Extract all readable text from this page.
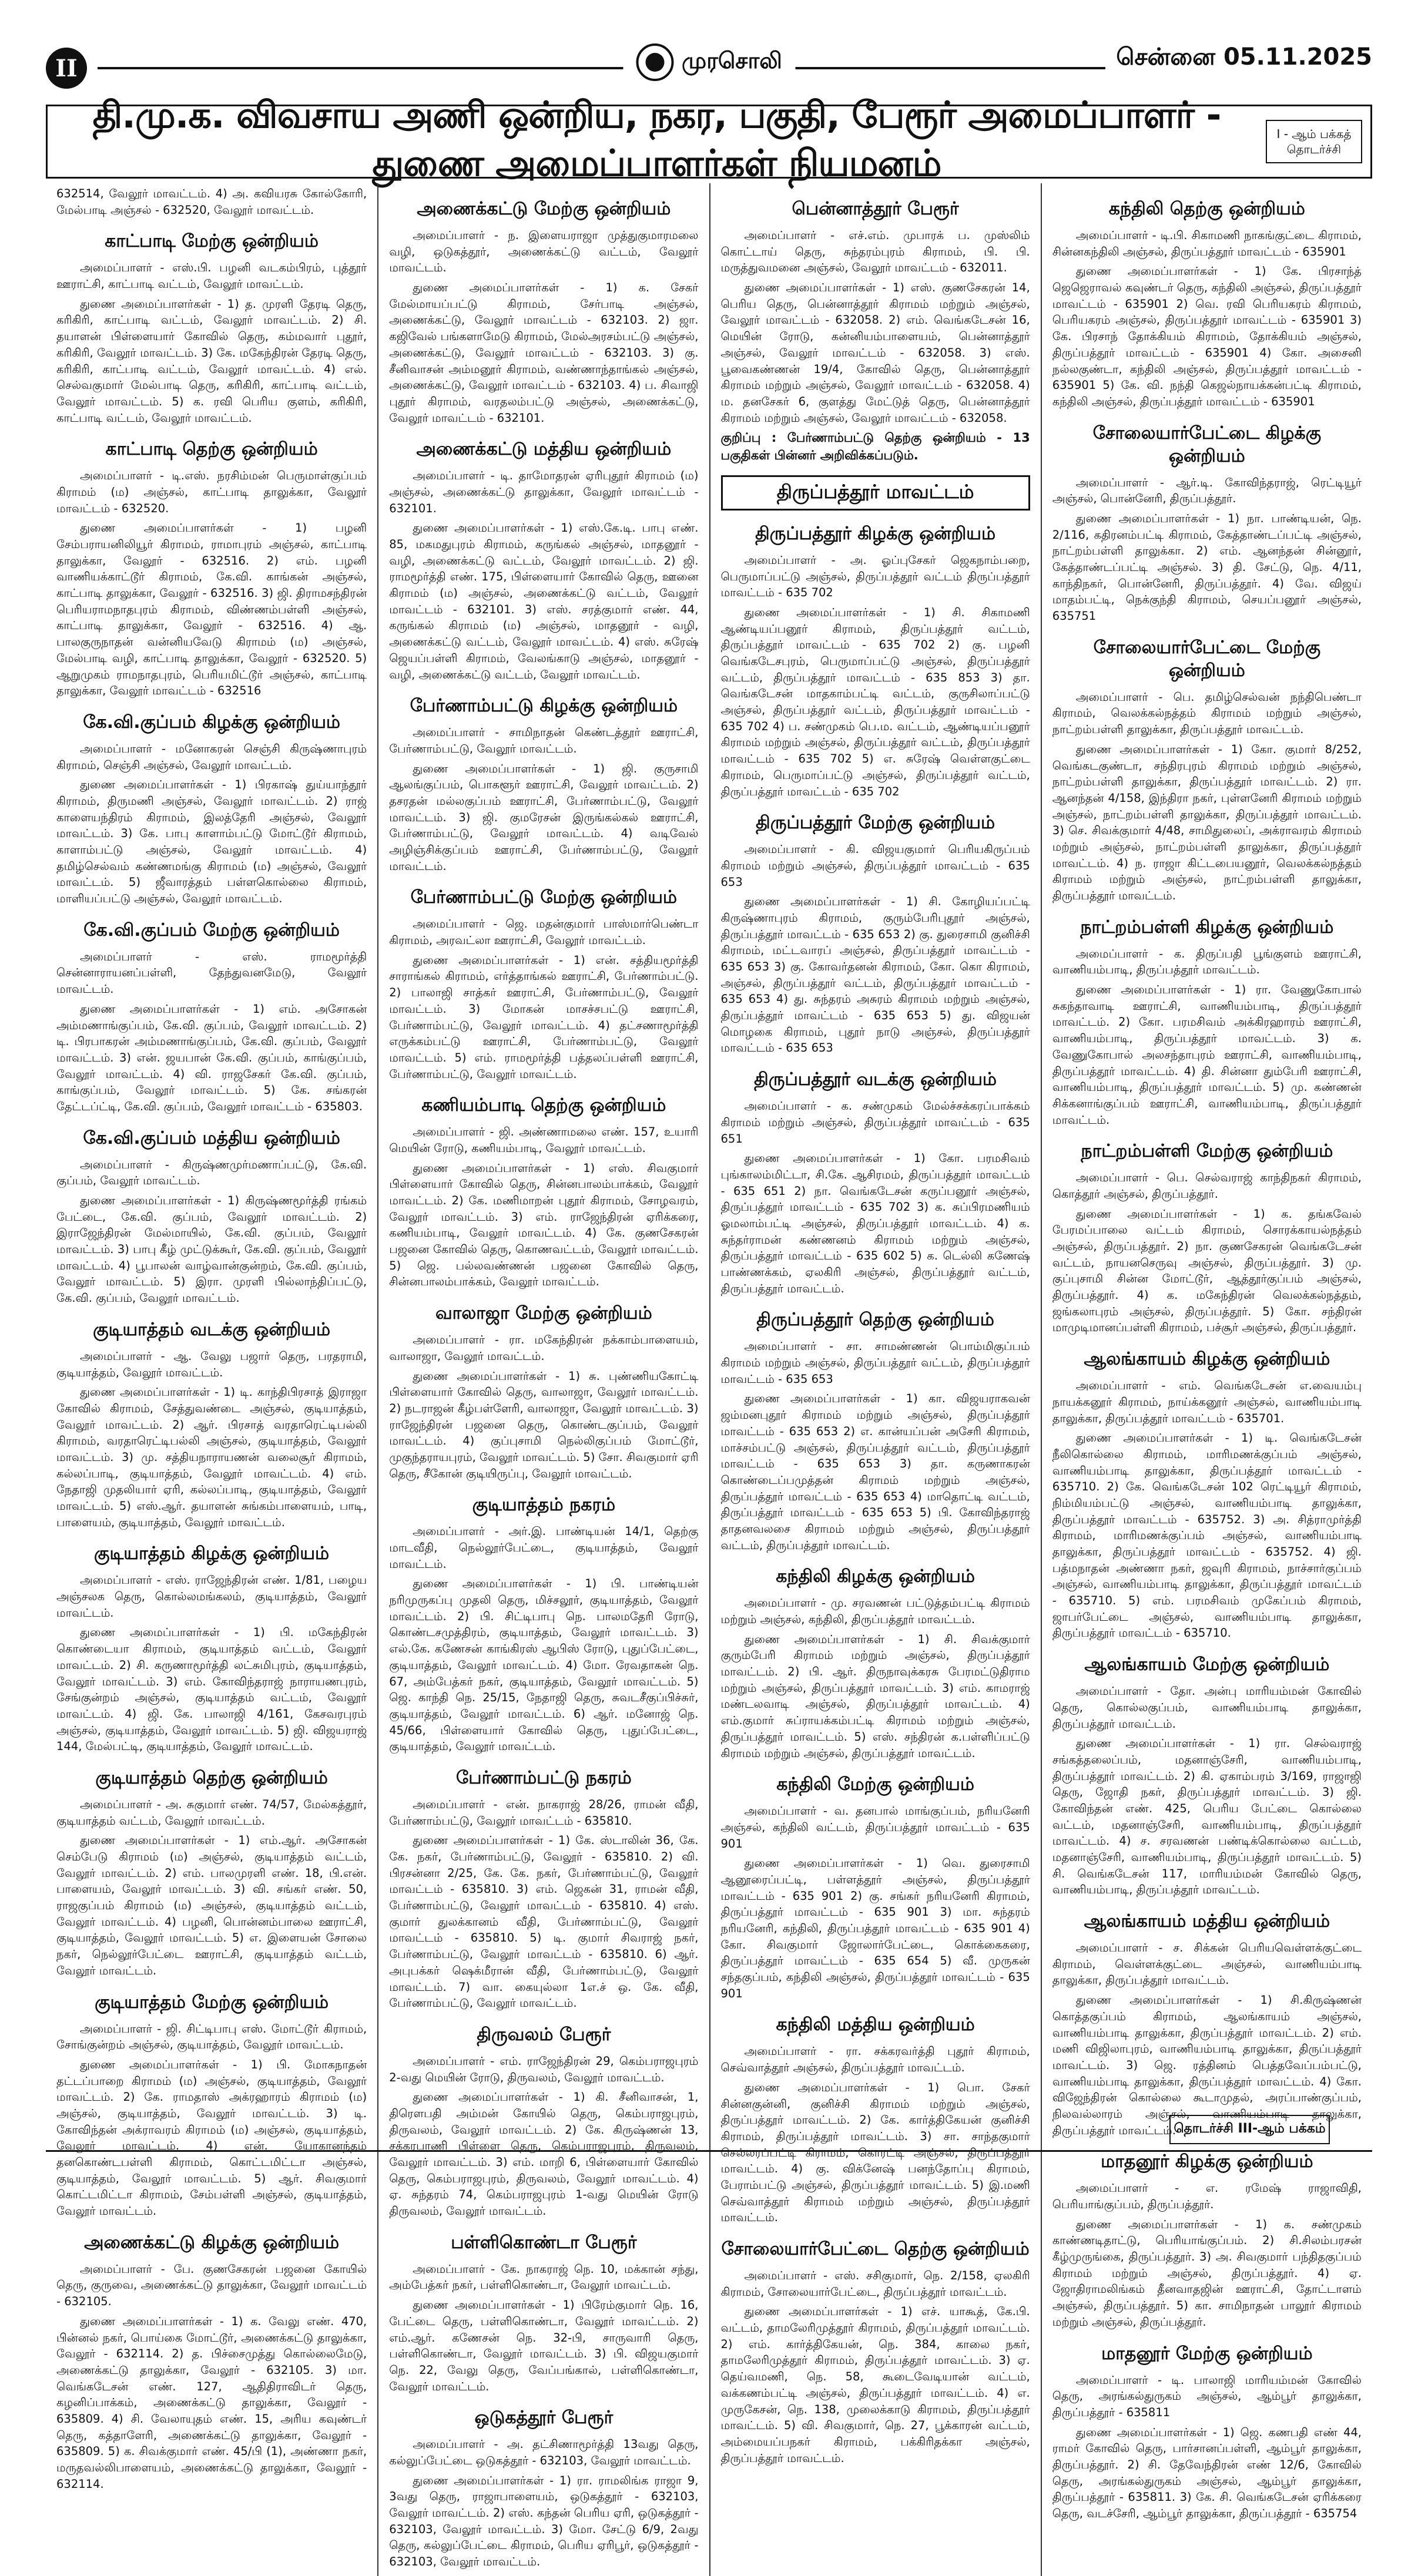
II	முரசொலி	சென்னை 05.11.2025
தி.மு.க. விவசாய அணி ஒன்றிய, நகர, பகுதி, பேரூர் அமைப்பாளர் - துணை அமைப்பாளர்கள் நியமனம்
I - ஆம் பக்கத்
தொடர்ச்சி

632514, வேலூர் மாவட்டம். 4) அ. கவியரசு கோல்கோரி, மேல்பாடி அஞ்சல் - 632520, வேலூர் மாவட்டம்.

காட்பாடி மேற்கு ஒன்றியம்

அமைப்பாளர் - எஸ்.பி. பழனி வடகம்பிரம், புத்தூர் ஊராட்சி, காட்பாடி வட்டம், வேலூர் மாவட்டம்.

துணை அமைப்பாளர்கள் - 1) த. முரளி தேரடி தெரு, கரிகிரி, காட்பாடி வட்டம், வேலூர் மாவட்டம். 2) சி. தயாளன் பிள்ளையார் கோவில் தெரு, கம்மவார் புதூர், கரிகிரி, வேலூர் மாவட்டம். 3) கே. மகேந்திரன் தேரடி தெரு, கரிகிரி, காட்பாடி வட்டம், வேலூர் மாவட்டம். 4) எல். செல்வகுமார் மேல்பாடி தெரு, கரிகிரி, காட்பாடி வட்டம், வேலூர் மாவட்டம். 5) க. ரவி பெரிய குளம், கரிகிரி, காட்பாடி வட்டம், வேலூர் மாவட்டம்.

காட்பாடி தெற்கு ஒன்றியம்

அமைப்பாளர் - டி.எஸ். நரசிம்மன் பெருமாள்குப்பம் கிராமம் (ம) அஞ்சல், காட்பாடி தாலுக்கா, வேலூர் மாவட்டம் - 632520.

துணை அமைப்பாளர்கள் - 1) பழனி சேம்பராயனிலியூர் கிராமம், ராமாபுரம் அஞ்சல், காட்பாடி தாலுக்கா, வேலூர் - 632516. 2) எம். பழனி வாணியக்காட்டூர் கிராமம், கே.வி. காங்கன் அஞ்சல், காட்பாடி தாலுக்கா, வேலூர் - 632516. 3) ஜி. திராமசந்திரன் பெரியராமநாதபுரம் கிராமம், விண்ணம்பள்ளி அஞ்சல், காட்பாடி தாலுக்கா, வேலூர் - 632516. 4) ஆ. பாலகுருநாதன் வன்னியவேடு கிராமம் (ம) அஞ்சல், மேல்பாடி வழி, காட்பாடி தாலுக்கா, வேலூர் - 632520. 5) ஆறுமுகம் ராமநாதபுரம், பெரியமிட்டூர் அஞ்சல், காட்பாடி தாலுக்கா, வேலூர் மாவட்டம் - 632516

கே.வி.குப்பம் கிழக்கு ஒன்றியம்

அமைப்பாளர் - மனோகரன் செஞ்சி கிருஷ்ணாபுரம் கிராமம், செஞ்சி அஞ்சல், வேலூர் மாவட்டம்.

துணை அமைப்பாளர்கள் - 1) பிரகாஷ் துய்யாந்தூர் கிராமம், திருமணி அஞ்சல், வேலூர் மாவட்டம். 2) ராஜ் காளையந்திரம் கிராமம், இலத்தேரி அஞ்சல், வேலூர் மாவட்டம். 3) கே. பாபு காளாம்பட்டு மோட்டூர் கிராமம், காளாம்பட்டு அஞ்சல், வேலூர் மாவட்டம். 4) தமிழ்செல்வம் கண்ணமங்கு கிராமம் (ம) அஞ்சல், வேலூர் மாவட்டம். 5) ஜீவாரத்தம் பள்ளகொல்லை கிராமம், மாளியப்பட்டு அஞ்சல், வேலூர் மாவட்டம்.

கே.வி.குப்பம் மேற்கு ஒன்றியம்

அமைப்பாளர் - எஸ். ராமமூர்த்தி சென்னாராயனப்பள்ளி, தேந்துவனமேடு, வேலூர் மாவட்டம்.

துணை அமைப்பாளர்கள் - 1) எம். அசோகன் அம்மணாங்குப்பம், கே.வி. குப்பம், வேலூர் மாவட்டம். 2) டி. பிரபாகரன் அம்மணாங்குப்பம், கே.வி. குப்பம், வேலூர் மாவட்டம். 3) என். ஜயபான் கே.வி. குப்பம், காங்குப்பம், வேலூர் மாவட்டம். 4) வி. ராஜசேகர் கே.வி. குப்பம், காங்குப்பம், வேலூர் மாவட்டம். 5) கே. சங்கரன் தேட்டப்ட்டி, கே.வி. குப்பம், வேலூர் மாவட்டம் - 635803.

கே.வி.குப்பம் மத்திய ஒன்றியம்

அமைப்பாளர் - கிருஷ்ணமுர்மணாப்பட்டு, கே.வி. குப்பம், வேலூர் மாவட்டம்.

துணை அமைப்பாளர்கள் - 1) கிருஷ்ணமூர்த்தி ரங்கம் பேட்டை, கே.வி. குப்பம், வேலூர் மாவட்டம். 2) இராஜேந்திரன் மேல்மாயில், கே.வி. குப்பம், வேலூர் மாவட்டம். 3) பாபு கீழ் முட்டுக்கூர், கே.வி. குப்பம், வேலூர் மாவட்டம். 4) பூபாலன் வாழ்வான்குன்றம், கே.வி. குப்பம், வேலூர் மாவட்டம். 5) இரா. முரளி பில்லாந்திப்பட்டு, கே.வி. குப்பம், வேலூர் மாவட்டம்.

குடியாத்தம் வடக்கு ஒன்றியம்

அமைப்பாளர் - ஆ. வேலு பஜார் தெரு, பரதராமி, குடியாத்தம், வேலூர் மாவட்டம்.

துணை அமைப்பாளர்கள் - 1) டி. காந்திபிரசாத் இராஜா கோவில் கிராமம், சேத்துவண்டை அஞ்சல், குடியாத்தம், வேலூர் மாவட்டம். 2) ஆர். பிரசாத் வரதாரெட்டிபல்லி கிராமம், வரதாரெட்டிபல்லி அஞ்சல், குடியாத்தம், வேலூர் மாவட்டம். 3) மு. சத்தியநாராயணன் வலைசூர் கிராமம், கல்லப்பாடி, குடியாத்தம், வேலூர் மாவட்டம். 4) எம். நேதாஜி முதலியார் ஏரி, கல்லப்பாடி, குடியாத்தம், வேலூர் மாவட்டம். 5) எஸ்.ஆர். தயாளன் சுங்கம்பாளையம், பாடி, பாளையம், குடியாத்தம், வேலூர் மாவட்டம்.

குடியாத்தம் கிழக்கு ஒன்றியம்

அமைப்பாளர் - எஸ். ராஜேந்திரன் எண். 1/81, பழைய அஞ்சலக தெரு, கொல்லமங்கலம், குடியாத்தம், வேலூர் மாவட்டம்.

துணை அமைப்பாளர்கள் - 1) பி. மகேந்திரன் கொண்டையா கிராமம், குடியாத்தம் வட்டம், வேலூர் மாவட்டம். 2) சி. கருணாமூர்த்தி லட்சுமிபுரம், குடியாத்தம், வேலூர் மாவட்டம். 3) எம். கோவிந்தராஜ் நாராயணபுரம், சேங்குன்றம் அஞ்சல், குடியாத்தம் வட்டம், வேலூர் மாவட்டம். 4) ஜி. கே. பாலாஜி 4/161, கேசவரபுரம் அஞ்சல், குடியாத்தம், வேலூர் மாவட்டம். 5) ஜி. விஜயராஜ் 144, மேல்பட்டி, குடியாத்தம், வேலூர் மாவட்டம்.

குடியாத்தம் தெற்கு ஒன்றியம்

அமைப்பாளர் - அ. சுகுமார் எண். 74/57, மேல்கத்தூர், குடியாத்தம் வட்டம், வேலூர் மாவட்டம்.

துணை அமைப்பாளர்கள் - 1) எம்.ஆர். அசோகன் செம்பேடு கிராமம் (ம) அஞ்சல், குடியாத்தம் வட்டம், வேலூர் மாவட்டம். 2) எம். பாலமுரளி எண். 18, பி.என். பாளையம், வேலூர் மாவட்டம். 3) வி. சங்கர் எண். 50, ராஜகுப்பம் கிராமம் (ம) அஞ்சல், குடியாத்தம் வட்டம், வேலூர் மாவட்டம். 4) பழனி, பொன்னம்பாலை ஊராட்சி, குடியாத்தம், வேலூர் மாவட்டம். 5) எ. இளையன் சோலை நகர், நெல்லூர்பேட்டை ஊராட்சி, குடியாத்தம் வட்டம், வேலூர் மாவட்டம்.

குடியாத்தம் மேற்கு ஒன்றியம்

அமைப்பாளர் - ஜி. சிட்டிபாபு எஸ். மோட்டூர் கிராமம், சோங்குன்றம் அஞ்சல், குடியாத்தம், வேலூர் மாவட்டம்.

துணை அமைப்பாளர்கள் - 1) பி. மோகநாதன் தட்டப்பாறை கிராமம் (ம) அஞ்சல், குடியாத்தம், வேலூர் மாவட்டம். 2) கே. ராமதாஸ் அக்ரஹாரம் கிராமம் (ம) அஞ்சல், குடியாத்தம், வேலூர் மாவட்டம். 3) டி. கோவிந்தன் அக்ராவரம் கிராமம் (ம) அஞ்சல், குடியாத்தம், வேலூர் மாவட்டம். 4) என். யோகானந்தம் தனகொண்டபள்ளி கிராமம், கொட்டமிட்டா அஞ்சல், குடியாத்தம், வேலூர் மாவட்டம். 5) ஆர். சிவகுமார் கொட்டமிட்டா கிராமம், சேம்பள்ளி அஞ்சல், குடியாத்தம், வேலூர் மாவட்டம்.

அணைக்கட்டு கிழக்கு ஒன்றியம்

அமைப்பாளர் - பே. குணசேகரன் பஜனை கோயில் தெரு, குருவை, அணைக்கட்டு தாலுக்கா, வேலூர் மாவட்டம் - 632105.

துணை அமைப்பாளர்கள் - 1) க. வேலு எண். 470, பின்னல் நகர், பொய்கை மோட்டூர், அணைக்கட்டு தாலுக்கா, வேலூர் - 632114. 2) த. பிச்சைமுத்து கொல்லைமேடு, அணைக்கட்டு தாலுக்கா, வேலூர் - 632105. 3) மா. வெங்கடேசன் எண். 127, ஆதிதிராவிடர் தெரு, கழனிப்பாக்கம், அணைக்கட்டு தாலுக்கா, வேலூர் - 635809. 4) சி. வேலாயுதம் எண். 15, அரிய கவுண்டர் தெரு, கத்தாளேரி, அணைக்கட்டு தாலுக்கா, வேலூர் - 635809. 5) க. சிவக்குமார் எண். 45/பி (1), அண்ணா நகர், மருதவல்லிபாளையம், அணைக்கட்டு தாலுக்கா, வேலூர் - 632114.

அணைக்கட்டு மேற்கு ஒன்றியம்

அமைப்பாளர் - ந. இளையராஜா முத்துகுமாரமலை வழி, ஒடுகத்தூர், அணைக்கட்டு வட்டம், வேலூர் மாவட்டம்.

துணை அமைப்பாளர்கள் - 1) க. சேகர் மேல்மாயப்பட்டு கிராமம், சேர்பாடி அஞ்சல், அணைக்கட்டு, வேலூர் மாவட்டம் - 632103. 2) ஜா. கஜிவேல் பங்களாமேடு கிராமம், மேல்அரசம்பட்டு அஞ்சல், அணைக்கட்டு, வேலூர் மாவட்டம் - 632103. 3) கு. சீனிவாசன் அம்மனூர் கிராமம், வண்ணாந்தாங்கல் அஞ்சல், அணைக்கட்டு, வேலூர் மாவட்டம் - 632103. 4) ப. சிவாஜி புதூர் கிராமம், வரதலம்பட்டு அஞ்சல், அணைக்கட்டு, வேலூர் மாவட்டம் - 632101.

அணைக்கட்டு மத்திய ஒன்றியம்

அமைப்பாளர் - டி. தாமோதரன் ஏரிபுதூர் கிராமம் (ம) அஞ்சல், அணைக்கட்டு தாலுக்கா, வேலூர் மாவட்டம் - 632101.

துணை அமைப்பாளர்கள் - 1) எஸ்.கே.டி. பாபு எண். 85, மகமதுபுரம் கிராமம், கருங்கல் அஞ்சல், மாதனூர் - வழி, அணைக்கட்டு வட்டம், வேலூர் மாவட்டம். 2) ஜி. ராமமூர்த்தி எண். 175, பிள்ளையார் கோவில் தெரு, ஊனை கிராமம் (ம) அஞ்சல், அணைக்கட்டு வட்டம், வேலூர் மாவட்டம் - 632101. 3) எஸ். சரத்குமார் எண். 44, கருங்கல் கிராமம் (ம) அஞ்சல், மாதனூர் - வழி, அணைக்கட்டு வட்டம், வேலூர் மாவட்டம். 4) எஸ். சுரேஷ் ஜெயப்பள்ளி கிராமம், வேலங்காடு அஞ்சல், மாதனூர் - வழி, அணைக்கட்டு வட்டம், வேலூர் மாவட்டம்.

பேர்ணாம்பட்டு கிழக்கு ஒன்றியம்

அமைப்பாளர் - சாமிநாதன் கெண்டத்தூர் ஊராட்சி, பேர்ணாம்பட்டு, வேலூர் மாவட்டம்.

துணை அமைப்பாளர்கள் - 1) ஜி. குருசாமி ஆலங்குப்பம், பொகளூர் ஊராட்சி, வேலூர் மாவட்டம். 2) தசரதன் மல்லகுப்பம் ஊராட்சி, பேர்ணாம்பட்டு, வேலூர் மாவட்டம். 3) ஜி. குமரேசன் இருங்கல்கல் ஊராட்சி, பேர்ணாம்பட்டு, வேலூர் மாவட்டம். 4) வடிவேல் அழிஞ்சிக்குப்பம் ஊராட்சி, பேர்ணாம்பட்டு, வேலூர் மாவட்டம்.

பேர்ணாம்பட்டு மேற்கு ஒன்றியம்

அமைப்பாளர் - ஜெ. மதன்குமார் பாஸ்மார்பெண்டா கிராமம், அரவட்லா ஊராட்சி, வேலூர் மாவட்டம்.

துணை அமைப்பாளர்கள் - 1) என். சத்தியமூர்த்தி சாராங்கல் கிராமம், எர்த்தாங்கல் ஊராட்சி, பேர்ணாம்பட்டு. 2) பாலாஜி சாத்கர் ஊராட்சி, பேர்ணாம்பட்டு, வேலூர் மாவட்டம். 3) மோகன் மாசச்சபட்டு ஊராட்சி, பேர்ணாம்பட்டு, வேலூர் மாவட்டம். 4) தட்சணாமூர்த்தி எருக்கம்பட்டு ஊராட்சி, பேர்ணாம்பட்டு, வேலூர் மாவட்டம். 5) எம். ராமமூர்த்தி பத்தலப்பள்ளி ஊராட்சி, பேர்ணாம்பட்டு, வேலூர் மாவட்டம்.

கணியம்பாடி தெற்கு ஒன்றியம்

அமைப்பாளர் - ஜி. அண்ணாமலை எண். 157, உயாரி மெயின் ரோடு, கணியம்பாடி, வேலூர் மாவட்டம்.

துணை அமைப்பாளர்கள் - 1) எஸ். சிவகுமார் பிள்ளையார் கோவில் தெரு, சின்னபாலம்பாக்கம், வேலூர் மாவட்டம். 2) கே. மணிமாறன் புதூர் கிராமம், சோழவரம், வேலூர் மாவட்டம். 3) எம். ராஜேந்திரன் ஏரிக்கரை, கணியம்பாடி, வேலூர் மாவட்டம். 4) கே. குணசேகரன் பஜனை கோவில் தெரு, கொணவட்டம், வேலூர் மாவட்டம். 5) ஜெ. பல்லவண்ணன் பஜனை கோவில் தெரு, சின்னபாலம்பாக்கம், வேலூர் மாவட்டம்.

வாலாஜா மேற்கு ஒன்றியம்

அமைப்பாளர் - ரா. மகேந்திரன் நக்காம்பாளையம், வாலாஜா, வேலூர் மாவட்டம்.

துணை அமைப்பாளர்கள் - 1) சு. புண்ணியகோட்டி பிள்ளையார் கோவில் தெரு, வாலாஜா, வேலூர் மாவட்டம். 2) நடராஜன் கீழ்பள்ளேரி, வாலாஜா, வேலூர் மாவட்டம். 3) ராஜேந்திரன் பஜனை தெரு, கொண்டகுப்பம், வேலூர் மாவட்டம். 4) குப்புசாமி நெல்லிகுப்பம் மோட்டூர், முகுந்தராயபுரம், வேலூர் மாவட்டம். 5) சோ. சிவகுமார் ஏரி தெரு, சீகோன் குடியிருப்பு, வேலூர் மாவட்டம்.

குடியாத்தம் நகரம்

அமைப்பாளர் - அர்.இ. பாண்டியன் 14/1, தெற்கு மாடவீதி, நெல்லூர்பேட்டை, குடியாத்தம், வேலூர் மாவட்டம்.

துணை அமைப்பாளர்கள் - 1) பி. பாண்டியன் நரிமுருகப்பு முதலி தெரு, மிச்சலூர், குடியாத்தம், வேலூர் மாவட்டம். 2) பி. சிட்டிபாபு நெ. பாலமதேரி ரோடு, கொண்டசமுத்திரம், குடியாத்தம், வேலூர் மாவட்டம். 3) எல்.கே. கணேசன் காங்கிரஸ் ஆபிஸ் ரோடு, புதுப்பேட்டை, குடியாத்தம், வேலூர் மாவட்டம். 4) மோ. ரேவதாகன் நெ. 67, அம்பேத்கர் நகர், குடியாத்தம், வேலூர் மாவட்டம். 5) ஜெ. காந்தி நெ. 25/15, நேதாஜி தெரு, சுவடசீகுப்பிச்சுர், குடியாத்தம், வேலூர் மாவட்டம். 6) ஆர். மனோஜ் நெ. 45/66, பிள்ளையார் கோவில் தெரு, புதுப்பேட்டை, குடியாத்தம், வேலூர் மாவட்டம்.

பேர்ணாம்பட்டு நகரம்

அமைப்பாளர் - என். நாகராஜ் 28/26, ராமன் வீதி, பேர்ணாம்பட்டு, வேலூர் மாவட்டம் - 635810.

துணை அமைப்பாளர்கள் - 1) கே. ஸ்டாலின் 36, கே. கே. நகர், பேர்ணாம்பட்டு, வேலூர் - 635810. 2) வி. பிரசன்னா 2/25, கே. கே. நகர், பேர்ணாம்பட்டு, வேலூர் மாவட்டம் - 635810. 3) எம். ஜெகன் 31, ராமன் வீதி, பேர்ணாம்பட்டு, வேலூர் மாவட்டம் - 635810. 4) எஸ். குமார் துலக்கானம் வீதி, பேர்ணாம்பட்டு, வேலூர் மாவட்டம் - 635810. 5) டி. குமார் சிவராஜ் நகர், பேர்ணாம்பட்டு, வேலூர் மாவட்டம் - 635810. 6) ஆர். அபுபக்கர் ஷெக்மீரான் வீதி, பேர்ணாம்பட்டு, வேலூர் மாவட்டம். 7) வா. கையுல்லா 1எ.ச் ஒ. கே. வீதி, பேர்ணாம்பட்டு, வேலூர் மாவட்டம்.

திருவலம் பேரூர்

அமைப்பாளர் - எம். ராஜேந்திரன் 29, கெம்பராஜபுரம் 2-வது மெயின் ரோடு, திருவலம், வேலூர் மாவட்டம்.

துணை அமைப்பாளர்கள் - 1) கி. சீனிவாசன், 1, திரௌபதி அம்மன் கோயில் தெரு, கெம்பராஜபுரம், திருவலம், வேலூர் மாவட்டம். 2) கே. கிருஷ்ணன் 13, சக்கரபாணி பிள்ளை தெரு, கெம்பராஜபுரம், திருவலம், வேலூர் மாவட்டம். 3) எம். மாறி 6, பிள்ளையார் கோவில் தெரு, கெம்பராஜபுரம், திருவலம், வேலூர் மாவட்டம். 4) ஏ. சுந்தரம் 74, கெம்பராஜபுரம் 1-வது மெயின் ரோடு திருவலம், வேலூர் மாவட்டம்.

பள்ளிகொண்டா பேரூர்

அமைப்பாளர் - கே. நாகராஜ் நெ. 10, மக்கான் சந்து, அம்பேத்கர் நகர், பள்ளிகொண்டா, வேலூர் மாவட்டம்.

துணை அமைப்பாளர்கள் - 1) பிரேம்குமார் நெ. 16, பேட்டை தெரு, பள்ளிகொண்டா, வேலூர் மாவட்டம். 2) எம்.ஆர். கணேசன் நெ. 32-பி, சாருவாரி தெரு, பள்ளிகொண்டா, வேலூர் மாவட்டம். 3) பி. விஜயகுமார் நெ. 22, வேலு தெரு, வேப்பங்கால், பள்ளிகொண்டா, வேலூர் மாவட்டம்.

ஒடுகத்தூர் பேரூர்

அமைப்பாளர் - அ. தட்சிணாமூர்த்தி 13வது தெரு, கல்லுப்பேட்டை ஒடுகத்தூர் - 632103, வேலூர் மாவட்டம்.

துணை அமைப்பாளர்கள் - 1) ரா. ராமலிங்க ராஜா 9, 3வது தெரு, ராஜாபாளையம், ஒடுகத்தூர் - 632103, வேலூர் மாவட்டம். 2) எஸ். கந்தன் பெரிய ஏரி, ஒடுகத்தூர் - 632103, வேலூர் மாவட்டம். 3) மோ. சேட்டு 6/9, 2வது தெரு, கல்லுப்பேட்டை கிராமம், பெரிய ஏரிபூர், ஒடுகத்தூர் - 632103, வேலூர் மாவட்டம்.

பென்னாத்தூர் பேரூர்

அமைப்பாளர் - எச்.எம். முபாரக் ப. முஸ்லிம் கொட்டாய் தெரு, சுந்தரம்புரம் கிராமம், பி. பி. மருத்துவமனை அஞ்சல், வேலூர் மாவட்டம் - 632011.

துணை அமைப்பாளர்கள் - 1) எஸ். குணசேகரன் 14, பெரிய தெரு, பென்னாத்தூர் கிராமம் மற்றும் அஞ்சல், வேலூர் மாவட்டம் - 632058. 2) எம். வெங்கடேசன் 16, மெயின் ரோடு, கன்னியம்பாளையம், பென்னாத்தூர் அஞ்சல், வேலூர் மாவட்டம் - 632058. 3) எஸ். பூவைகண்ணன் 19/4, கோவில் தெரு, பென்னாத்தூர் கிராமம் மற்றும் அஞ்சல், வேலூர் மாவட்டம் - 632058. 4) ம. தனசேகர் 6, குளத்து மேட்டுத் தெரு, பென்னாத்தூர் கிராமம் மற்றும் அஞ்சல், வேலூர் மாவட்டம் - 632058.

குறிப்பு : பேர்ணாம்பட்டு தெற்கு ஒன்றியம் - 13 பகுதிகள் பின்னர் அறிவிக்கப்படும்.

திருப்பத்தூர் மாவட்டம்
திருப்பத்தூர் கிழக்கு ஒன்றியம்

அமைப்பாளர் - அ. ஓப்புசேகர் ஜெகநாம்பறை, பெருமாப்பட்டு அஞ்சல், திருப்பத்தூர் வட்டம் திருப்பத்தூர் மாவட்டம் - 635 702

துணை அமைப்பாளர்கள் - 1) சி. சிகாமணி ஆண்டியப்பனூர் கிராமம், திருப்பத்தூர் வட்டம், திருப்பத்தூர் மாவட்டம் - 635 702 2) கு. பழனி வெங்கடேசபுரம், பெருமாப்பட்டு அஞ்சல், திருப்பத்தூர் வட்டம், திருப்பத்தூர் மாவட்டம் - 635 853 3) தா. வெங்கடேசன் மாதகாம்பட்டி வட்டம், குருசிலாப்பட்டு அஞ்சல், திருப்பத்தூர் வட்டம், திருப்பத்தூர் மாவட்டம் - 635 702 4) ப. சண்முகம் பெ.ம. வட்டம், ஆண்டியப்பனூர் கிராமம் மற்றும் அஞ்சல், திருப்பத்தூர் வட்டம், திருப்பத்தூர் மாவட்டம் - 635 702 5) எ. சுரேஷ் வெள்ளகுட்டை கிராமம், பெருமாப்பட்டு அஞ்சல், திருப்பத்தூர் வட்டம், திருப்பத்தூர் மாவட்டம் - 635 702

திருப்பத்தூர் மேற்கு ஒன்றியம்

அமைப்பாளர் - கி. விஜயகுமார் பெரியகிருப்பம் கிராமம் மற்றும் அஞ்சல், திருப்பத்தூர் மாவட்டம் - 635 653

துணை அமைப்பாளர்கள் - 1) சி. கோழியப்பட்டி கிருஷ்ணாபுரம் கிராமம், குரும்பேரிபுதூர் அஞ்சல், திருப்பத்தூர் மாவட்டம் - 635 653 2) கு. துரைசாமி குனிச்சி கிராமம், மட்டவாரப் அஞ்சல், திருப்பத்தூர் மாவட்டம் - 635 653 3) கு. கோவர்தனன் கிராமம், கோ. கொ கிராமம், அஞ்சல், திருப்பத்தூர் வட்டம், திருப்பத்தூர் மாவட்டம் - 635 653 4) து. சுந்தரம் அசுரம் கிராமம் மற்றும் அஞ்சல், திருப்பத்தூர் மாவட்டம் - 635 653 5) து. விஜயன் மொழகை கிராமம், புதூர் நாடு அஞ்சல், திருப்பத்தூர் மாவட்டம் - 635 653

திருப்பத்தூர் வடக்கு ஒன்றியம்

அமைப்பாளர் - க. சண்முகம் மேல்ச்சக்கரப்பாக்கம் கிராமம் மற்றும் அஞ்சல், திருப்பத்தூர் மாவட்டம் - 635 651

துணை அமைப்பாளர்கள் - 1) கோ. பரமசிவம் புங்காலம்மிட்டா, சி.கே. ஆசிரமம், திருப்பத்தூர் மாவட்டம் - 635 651 2) நா. வெங்கடேசன் கருப்பனூர் அஞ்சல், திருப்பத்தூர் மாவட்டம் - 635 702 3) க. சுப்பிரமணியம் ஓமலாம்பட்டி அஞ்சல், திருப்பத்தூர் மாவட்டம். 4) க. சுந்தர்ராமன் கண்ணனம் கிராமம் மற்றும் அஞ்சல், திருப்பத்தூர் மாவட்டம் - 635 602 5) க. டெல்லி கணேஷ் பாண்ணக்கம், ஏலகிரி அஞ்சல், திருப்பத்தூர் வட்டம், திருப்பத்தூர் மாவட்டம்.

திருப்பத்தூர் தெற்கு ஒன்றியம்

அமைப்பாளர் - சா. சாமண்ணன் பொம்மிகுப்பம் கிராமம் மற்றும் அஞ்சல், திருப்பத்தூர் வட்டம், திருப்பத்தூர் மாவட்டம் - 635 653

துணை அமைப்பாளர்கள் - 1) கா. விஜயராகவன் ஜம்மனபுதூர் கிராமம் மற்றும் அஞ்சல், திருப்பத்தூர் மாவட்டம் - 635 653 2) எ. கான்யப்பன் அசேரி கிராமம், மாச்சம்பட்டு அஞ்சல், திருப்பத்தூர் வட்டம், திருப்பத்தூர் மாவட்டம் - 635 653 3) தா. கருணாகரன் கொண்டைப்பமுத்தன் கிராமம் மற்றும் அஞ்சல், திருப்பத்தூர் மாவட்டம் - 635 653 4) மாதொட்டி வட்டம், திருப்பத்தூர் மாவட்டம் - 635 653 5) பி. கோவிந்தராஜ் தாதனவலசை கிராமம் மற்றும் அஞ்சல், திருப்பத்தூர் வட்டம், திருப்பத்தூர் மாவட்டம்.

கந்திலி கிழக்கு ஒன்றியம்

அமைப்பாளர் - மு. சரவணன் பட்டுத்தம்பட்டி கிராமம் மற்றும் அஞ்சல், கந்திலி, திருப்பத்தூர் மாவட்டம்.

துணை அமைப்பாளர்கள் - 1) சி. சிவக்குமார் குரும்பேரி கிராமம் மற்றும் அஞ்சல், திருப்பத்தூர் மாவட்டம். 2) பி. ஆர். திருநாவுக்கரசு பேரமட்டுதிராம மற்றும் அஞ்சல், திருப்பத்தூர் மாவட்டம். 3) எம். காமராஜ் மண்டலவாடி அஞ்சல், திருப்பத்தூர் மாவட்டம். 4) எம்.குமார் சுப்ராயக்கம்பட்டி கிராமம் மற்றும் அஞ்சல், திருப்பத்தூர் மாவட்டம். 5) எஸ். சந்திரன் க.பள்ளிப்பட்டு கிராமம் மற்றும் அஞ்சல், திருப்பத்தூர் மாவட்டம்.

கந்திலி மேற்கு ஒன்றியம்

அமைப்பாளர் - வ. தனபால் மாங்குப்பம், நரியனேரி அஞ்சல், கந்திலி வட்டம், திருப்பத்தூர் மாவட்டம் - 635 901

துணை அமைப்பாளர்கள் - 1) வெ. துரைசாமி ஆனூரைப்பட்டி, பள்ளத்தூர் அஞ்சல், திருப்பத்தூர் மாவட்டம் - 635 901 2) கு. சங்கர் நரியனேரி கிராமம், திருப்பத்தூர் மாவட்டம் - 635 901 3) மா. சுந்தரம் நரியனேரி, கந்திலி, திருப்பத்தூர் மாவட்டம் - 635 901 4) கோ. சிவகுமார் ஜோலார்பேட்டை, கொக்கைகரை, திருப்பத்தூர் மாவட்டம் - 635 654 5) வீ. முருகன் சந்தகுப்பம், கந்திலி அஞ்சல், திருப்பத்தூர் மாவட்டம் - 635 901

கந்திலி மத்திய ஒன்றியம்

அமைப்பாளர் - ரா. சக்கரவர்த்தி புதூர் கிராமம், செவ்வாத்தூர் அஞ்சல், திருப்பத்தூர் மாவட்டம்.

துணை அமைப்பாளர்கள் - 1) பொ. சேகர் சின்னகுன்னி, குனிச்சி கிராமம் மற்றும் அஞ்சல், திருப்பத்தூர் மாவட்டம். 2) கே. கார்த்திகேயன் குனிச்சி கிராமம், திருப்பத்தூர் மாவட்டம். 3) சா. சாந்தகுமார் செல்லரப்பட்டி கிராமம், கொரட்டி அஞ்சல், திருப்பத்தூர் மாவட்டம். 4) கு. விக்னேஷ் பனந்தோப்பு கிராமம், பேராம்பட்டு அஞ்சல், திருப்பத்தூர் மாவட்டம். 5) இ.மணி செவ்வாத்தூர் கிராமம் மற்றும் அஞ்சல், திருப்பத்தூர் மாவட்டம்.

சோலையார்பேட்டை தெற்கு ஒன்றியம்

அமைப்பாளர் - எஸ். சசிகுமார், நெ. 2/158, ஏலகிரி கிராமம், சோலையார்பேட்டை, திருப்பத்தூர் மாவட்டம்.

துணை அமைப்பாளர்கள் - 1) எச். யாகூத், கே.பி. வட்டம், தாமலேரிமுத்தூர் கிராமம், திருப்பத்தூர் மாவட்டம். 2) எம். கார்த்திகேயன், நெ. 384, காலை நகர், தாமலேரிமுத்தூர் கிராமம், திருப்பத்தூர் மாவட்டம். 3) ஏ. தெய்வமணி, நெ. 58, கூடைவேடியான் வட்டம், வக்கணம்பட்டி அஞ்சல், திருப்பத்தூர் மாவட்டம். 4) எ. முருகேசன், நெ. 138, முலைக்காடு கிராமம், திருப்பத்தூர் மாவட்டம். 5) வி. சிவகுமார், நெ. 27, பூக்காரன் வட்டம், அம்மையப்பநகர் கிராமம், பக்கிரிதக்கா அஞ்சல், திருப்பத்தூர் மாவட்டம்.

கந்திலி தெற்கு ஒன்றியம்

அமைப்பாளர் - டி.பி. சிகாமணி நாகங்குட்டை கிராமம், சின்னகந்திலி அஞ்சல், திருப்பத்தூர் மாவட்டம் - 635901

துணை அமைப்பாளர்கள் - 1) கே. பிரசாந்த் ஜெஜெராவல் கவுண்டர் தெரு, கந்திலி அஞ்சல், திருப்பத்தூர் மாவட்டம் - 635901 2) வெ. ரவி பெரியகரம் கிராமம், பெரியகரம் அஞ்சல், திருப்பத்தூர் மாவட்டம் - 635901 3) கே. பிரசாந் தோக்கியம் கிராமம், தோக்கியம் அஞ்சல், திருப்பத்தூர் மாவட்டம் - 635901 4) கோ. அசைனி நல்லகுண்டா, கந்திலி அஞ்சல், திருப்பத்தூர் மாவட்டம் - 635901 5) கே. வி. நந்தி கெஜல்நாயக்கன்பட்டி கிராமம், கந்திலி அஞ்சல், திருப்பத்தூர் மாவட்டம் - 635901

சோலையார்பேட்டை கிழக்கு ஒன்றியம்

அமைப்பாளர் - ஆர்.டி. கோவிந்தராஜ், ரெட்டியூர் அஞ்சல், பொன்னேரி, திருப்பத்தூர்.

துணை அமைப்பாளர்கள் - 1) நா. பாண்டியன், நெ. 2/116, கதிரனம்பட்டி கிராமம், கேத்தாண்டப்பட்டி அஞ்சல், நாட்றம்பள்ளி தாலுக்கா. 2) எம். ஆனந்தன் சின்னூர், கேத்தாண்டப்பட்டி அஞ்சல். 3) தி. சேட்டு, நெ. 4/11, காந்திநகர், பொன்னேரி, திருப்பத்தூர். 4) வே. விஜய் மாதம்பட்டி, நெக்குந்தி கிராமம், செயப்பனூர் அஞ்சல், 635751

சோலையார்பேட்டை மேற்கு ஒன்றியம்

அமைப்பாளர் - பெ. தமிழ்செல்வன் நந்திபெண்டா கிராமம், வெலக்கல்நத்தம் கிராமம் மற்றும் அஞ்சல், நாட்றம்பள்ளி தாலுக்கா, திருப்பத்தூர் மாவட்டம்.

துணை அமைப்பாளர்கள் - 1) கோ. குமார் 8/252, வெங்கடகுண்டா, சந்திரபுரம் கிராமம் மற்றும் அஞ்சல், நாட்றம்பள்ளி தாலுக்கா, திருப்பத்தூர் மாவட்டம். 2) ரா. ஆனந்தன் 4/158, இந்திரா நகர், புள்ளனேரி கிராமம் மற்றும் அஞ்சல், நாட்றம்பள்ளி தாலுக்கா, திருப்பத்தூர் மாவட்டம். 3) செ. சிவக்குமார் 4/48, சாமிதுலைப், அக்ராவரம் கிராமம் மற்றும் அஞ்சல், நாட்றம்பள்ளி தாலுக்கா, திருப்பத்தூர் மாவட்டம். 4) ந. ராஜா கிட்டபையனூர், வெலக்கல்நத்தம் கிராமம் மற்றும் அஞ்சல், நாட்றம்பள்ளி தாலுக்கா, திருப்பத்தூர் மாவட்டம்.

நாட்றம்பள்ளி கிழக்கு ஒன்றியம்

அமைப்பாளர் - க. திருப்பதி பூங்குளம் ஊராட்சி, வாணியம்பாடி, திருப்பத்தூர் மாவட்டம்.

துணை அமைப்பாளர்கள் - 1) ரா. வேணுகோபால் சுகந்தாவாடி ஊராட்சி, வாணியம்பாடி, திருப்பத்தூர் மாவட்டம். 2) கோ. பரமசிவம் அக்கிரஹாரம் ஊராட்சி, வாணியம்பாடி, திருப்பத்தூர் மாவட்டம். 3) க. வேணுகோபால் அலசந்தாபுரம் ஊராட்சி, வாணியம்பாடி, திருப்பத்தூர் மாவட்டம். 4) தி. சின்னா தும்பேரி ஊராட்சி, வாணியம்பாடி, திருப்பத்தூர் மாவட்டம். 5) மு. கண்ணன் சிக்கனாங்குப்பம் ஊராட்சி, வாணியம்பாடி, திருப்பத்தூர் மாவட்டம்.

நாட்றம்பள்ளி மேற்கு ஒன்றியம்

அமைப்பாளர் - பெ. செல்வராஜ் காந்திநகர் கிராமம், கொத்தூர் அஞ்சல், திருப்பத்தூர்.

துணை அமைப்பாளர்கள் - 1) க. தங்கவேல் பேரமப்பாலை வட்டம் கிராமம், சொரக்காயல்நத்தம் அஞ்சல், திருப்பத்தூர். 2) நா. குணசேகரன் வெங்கடேசன் வட்டம், நாயனசெருவு அஞ்சல், திருப்பத்தூர். 3) மு. குப்புசாமி சின்ன மோட்டூர், ஆத்தூர்குப்பம் அஞ்சல், திருப்பத்தூர். 4) க. மகேந்திரன் வெலக்கல்நத்தம், ஜங்கலாபுரம் அஞ்சல், திருப்பத்தூர். 5) கோ. சந்திரன் மாமுடிமானப்பள்ளி கிராமம், பச்சூர் அஞ்சல், திருப்பத்தூர்.

ஆலங்காயம் கிழக்கு ஒன்றியம்

அமைப்பாளர் - எம். வெங்கடேசன் எ.வையம்பு நாயக்கனூர் கிராமம், நாய்க்கனூர் அஞ்சல், வாணியம்பாடி தாலுக்கா, திருப்பத்தூர் மாவட்டம் - 635701.

துணை அமைப்பாளர்கள் - 1) டி. வெங்கடேசன் நீலிகொல்லை கிராமம், மாரிமணக்குப்பம் அஞ்சல், வாணியம்பாடி தாலுக்கா, திருப்பத்தூர் மாவட்டம் - 635710. 2) கே. வெங்கடேசன் 102 ரெட்டியூர் கிராமம், நிம்மியம்பட்டு அஞ்சல், வாணியம்பாடி தாலுக்கா, திருப்பத்தூர் மாவட்டம் - 635752. 3) அ. சித்ராமுர்த்தி கிராமம், மாரிமணக்குப்பம் அஞ்சல், வாணியம்பாடி தாலுக்கா, திருப்பத்தூர் மாவட்டம் - 635752. 4) ஜி. பத்மநாதன் அண்ணா நகர், ஜவுரி கிராமம், நாச்சார்குப்பம் அஞ்சல், வாணியம்பாடி தாலுக்கா, திருப்பத்தூர் மாவட்டம் - 635710. 5) எம். பரமசிவம் முகேப்பம் கிராமம், ஜாபர்பேட்டை அஞ்சல், வாணியம்பாடி தாலுக்கா, திருப்பத்தூர் மாவட்டம் - 635710.

ஆலங்காயம் மேற்கு ஒன்றியம்

அமைப்பாளர் - தோ. அன்பு மாரியம்மன் கோவில் தெரு, கொல்லகுப்பம், வாணியம்பாடி தாலுக்கா, திருப்பத்தூர் மாவட்டம்.

துணை அமைப்பாளர்கள் - 1) ரா. செல்வராஜ் சங்கத்தலைப்பம், மதனாஞ்சேரி, வாணியம்பாடி, திருப்பத்தூர் மாவட்டம். 2) கி. ஏகாம்பரம் 3/169, ராஜாஜி தெரு, ஜோதி நகர், திருப்பத்தூர் மாவட்டம். 3) ஜி. கோவிந்தன் எண். 425, பெரிய பேட்டை கொல்லை வட்டம், மதனாஞ்சேரி, வாணியம்பாடி, திருப்பத்தூர் மாவட்டம். 4) ச. சரவணன் பண்டிக்கொல்லை வட்டம், மதனாஞ்சேரி, வாணியம்பாடி, திருப்பத்தூர் மாவட்டம். 5) சி. வெங்கடேசன் 117, மாரியம்மன் கோவில் தெரு, வாணியம்பாடி, திருப்பத்தூர் மாவட்டம்.

ஆலங்காயம் மத்திய ஒன்றியம்

அமைப்பாளர் - ச. சிக்கன் பெரியவெள்ளக்குட்டை கிராமம், வெள்ளக்குட்டை அஞ்சல், வாணியம்பாடி தாலுக்கா, திருப்பத்தூர் மாவட்டம்.

துணை அமைப்பாளர்கள் - 1) சி.கிருஷ்ணன் கொத்தகுப்பம் கிராமம், ஆலங்காயம் அஞ்சல், வாணியம்பாடி தாலுக்கா, திருப்பத்தூர் மாவட்டம். 2) எம். மணி விஜிலாபுரம், வாணியம்பாடி தாலுக்கா, திருப்பத்தூர் மாவட்டம். 3) ஜெ. ரத்தினம் பெத்தவேப்பம்பட்டு, வாணியம்பாடி தாலுக்கா, திருப்பத்தூர் மாவட்டம். 4) கோ. விஜேந்திரன் கொல்லை கூடாமுதல், அரப்பாண்குப்பம், நிலவல்லாரம் அஞ்சல், வாணியம்பாடி தாலுக்கா, திருப்பத்தூர் மாவட்டம்.

மாதனூர் கிழக்கு ஒன்றியம்

அமைப்பாளர் - எ. ரமேஷ் ராஜாவிதி, பெரியாங்குப்பம், திருப்பத்தூர்.

துணை அமைப்பாளர்கள் - 1) க. சண்முகம் காண்ணடிதாட்டு, பெரியாங்குப்பம். 2) சி.சிலம்பரசன் கீழ்முருங்கை, திருப்பத்தூர். 3) அ. சிவகுமார் பந்திதகுப்பம் கிராமம் மற்றும் அஞ்சல், திருப்பத்தூர். 4) ஏ. ஜோதிராமலிங்கம் தீனவாதஜின் ஊராட்சி, தோட்டாளம் அஞ்சல், திருப்பத்தூர். 5) கா. சாமிநாதன் பாலூர் கிராமம் மற்றும் அஞ்சல், திருப்பத்தூர்.

மாதனூர் மேற்கு ஒன்றியம்

அமைப்பாளர் - டி. பாலாஜி மாரியம்மன் கோவில் தெரு, அரங்கல்துருகம் அஞ்சல், ஆம்பூர் தாலுக்கா, திருப்பத்தூர் - 635811

துணை அமைப்பாளர்கள் - 1) ஜெ. கணபதி எண் 44, ராமர் கோவில் தெரு, பார்சானப்பள்ளி, ஆம்பூர் தாலுக்கா, திருப்பத்தூர். 2) சி. தேவேந்திரன் எண் 12/6, கோவில் தெரு, அரங்கல்துருகம் அஞ்சல், ஆம்பூர் தாலுக்கா, திருப்பத்தூர் - 635811. 3) கே. சி. வெங்கடேசன் ஏரிக்கரை தெரு, வடச்சேரி, ஆம்பூர் தாலுக்கா, திருப்பத்தூர் - 635754

தொடர்ச்சி III-ஆம் பக்கம்
